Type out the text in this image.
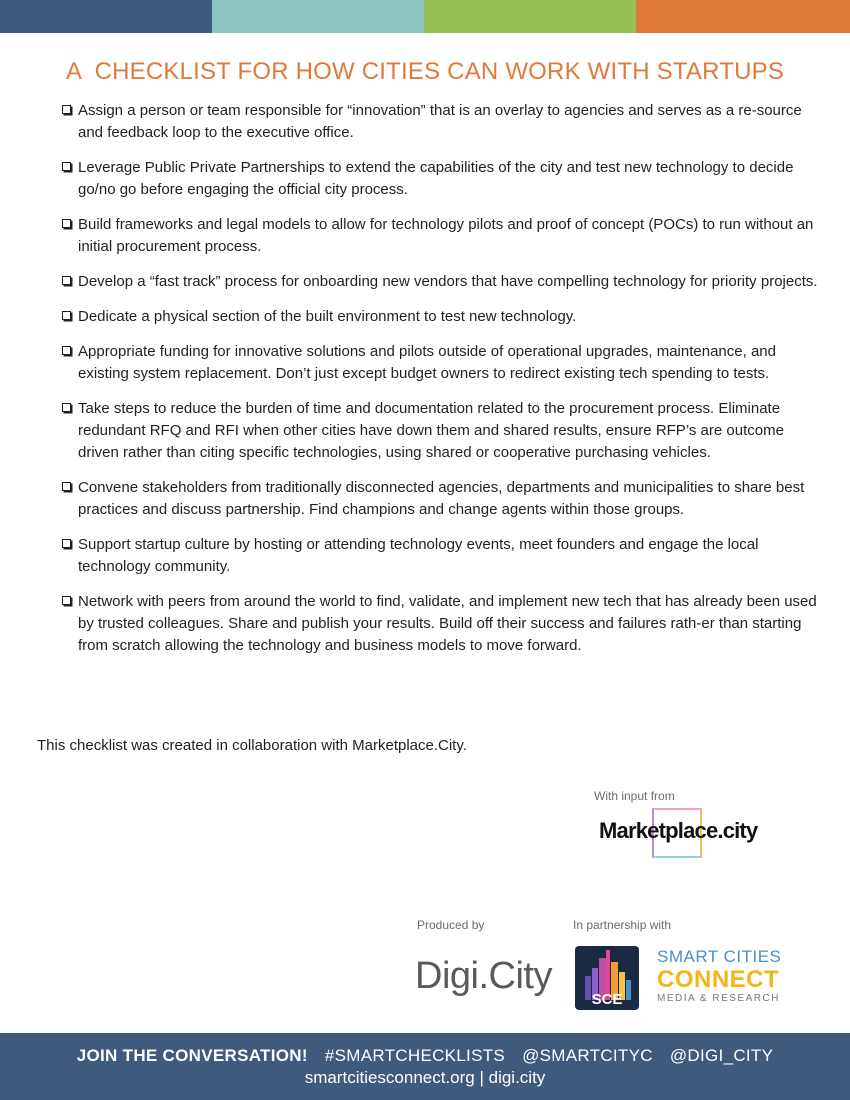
A  CHECKLIST FOR HOW CITIES CAN WORK WITH STARTUPS
Assign a person or team responsible for “innovation” that is an overlay to agencies and serves as a re-source and feedback loop to the executive office.
Leverage Public Private Partnerships to extend the capabilities of the city and test new technology to decide go/no go before engaging the official city process.
Build frameworks and legal models to allow for technology pilots and proof of concept (POCs) to run without an initial procurement process.
Develop a “fast track” process for onboarding new vendors that have compelling technology for priority projects.
Dedicate a physical section of the built environment to test new technology.
Appropriate funding for innovative solutions and pilots outside of operational upgrades, maintenance, and existing system replacement. Don’t just except budget owners to redirect existing tech spending to tests.
Take steps to reduce the burden of time and documentation related to the procurement process. Eliminate redundant RFQ and RFI when other cities have down them and shared results, ensure RFP’s are outcome driven rather than citing specific technologies, using shared or cooperative purchasing vehicles.
Convene stakeholders from traditionally disconnected agencies, departments and municipalities to share best practices and discuss partnership. Find champions and change agents within those groups.
Support startup culture by hosting or attending technology events, meet founders and engage the local technology community.
Network with peers from around the world to find, validate, and implement new tech that has already been used by trusted colleagues. Share and publish your results. Build off their success and failures rath-er than starting from scratch allowing the technology and business models to move forward.
This checklist was created in collaboration with Marketplace.City.
With input from
Marketplace.city
Produced by	In partnership with
Digi.City
SCE
SMART CITIES
CONNECT
MEDIA & RESEARCH
JOIN THE CONVERSATION! #SMARTCHECKLISTS @SMARTCITYC @DIGI_CITY
smartcitiesconnect.org | digi.city
